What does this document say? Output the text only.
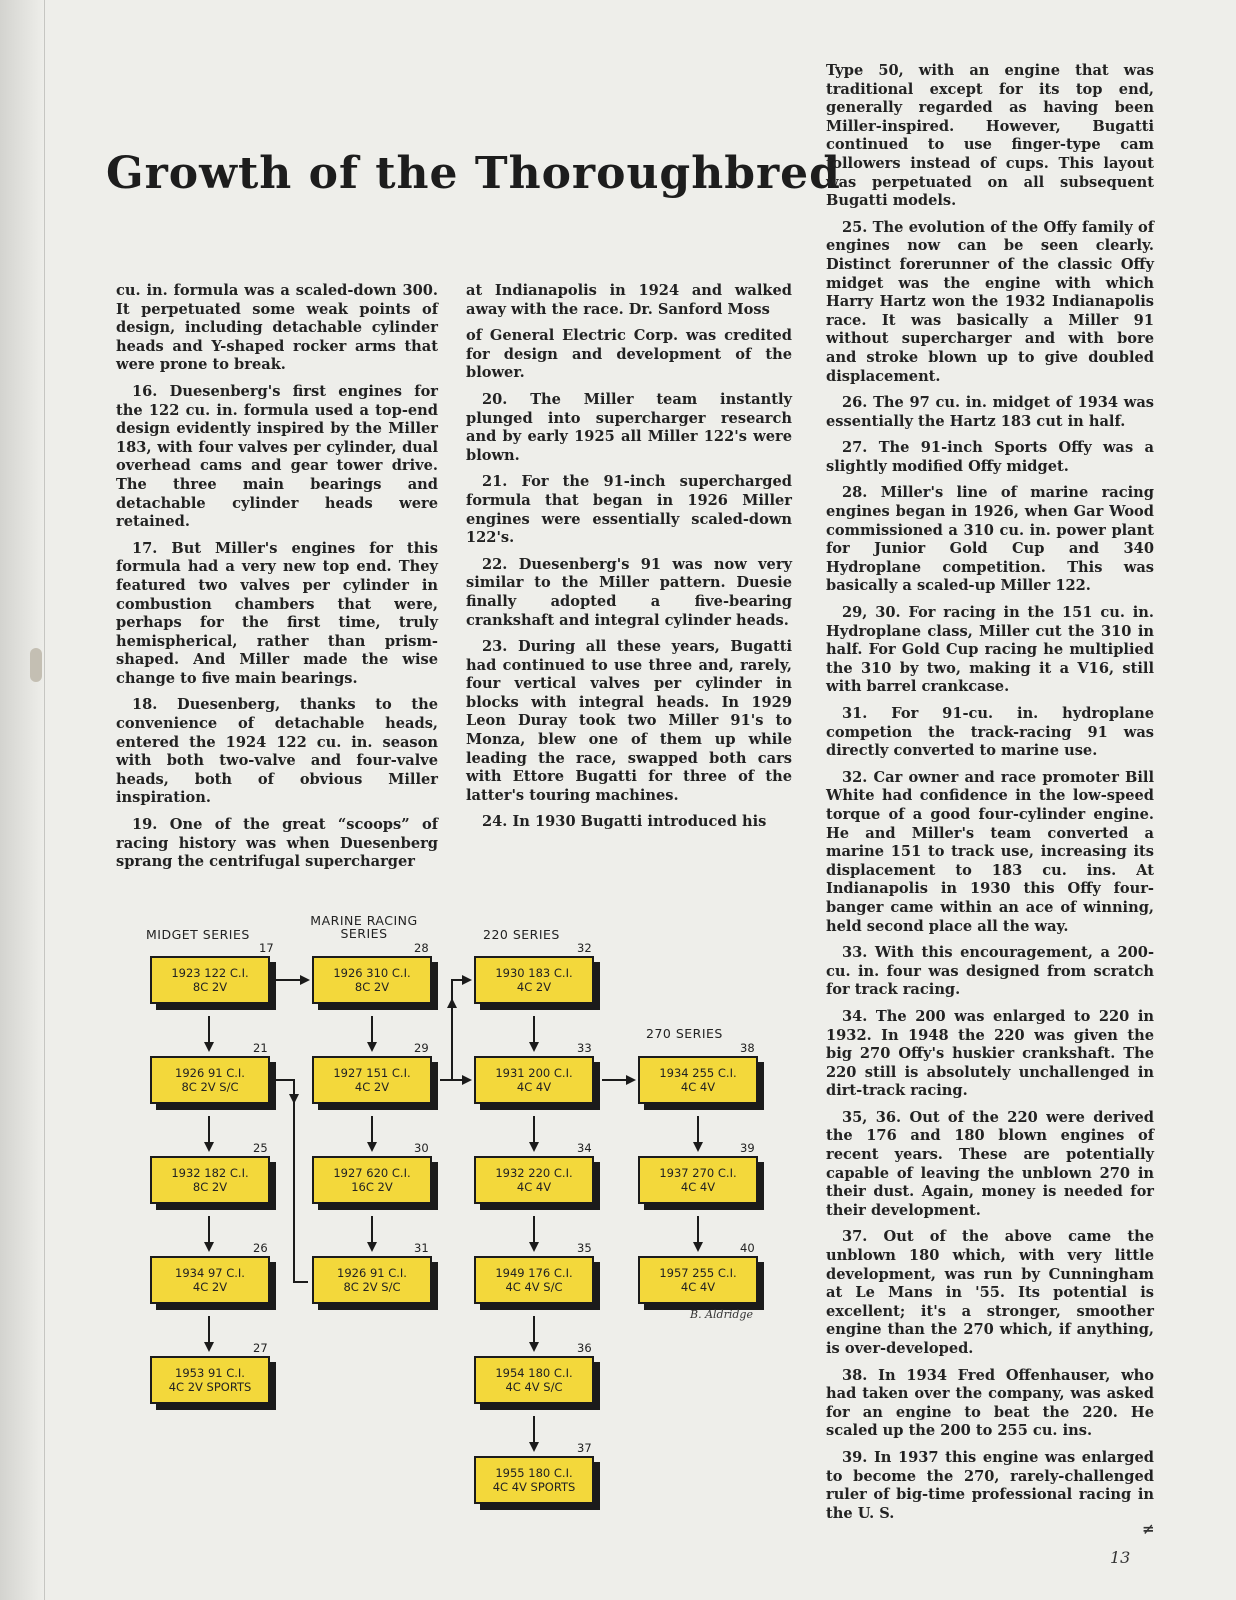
Growth of the Thoroughbred

cu. in. formula was a scaled-down 300. It perpetuated some weak points of design, including detachable cylinder heads and Y-shaped rocker arms that were prone to break.

16. Duesenberg's first engines for the 122 cu. in. formula used a top-end design evidently inspired by the Miller 183, with four valves per cylinder, dual overhead cams and gear tower drive. The three main bearings and detachable cylinder heads were retained.

17. But Miller's engines for this formula had a very new top end. They featured two valves per cylinder in combustion chambers that were, perhaps for the first time, truly hemispherical, rather than prism-shaped. And Miller made the wise change to five main bearings.

18. Duesenberg, thanks to the convenience of detachable heads, entered the 1924 122 cu. in. season with both two-valve and four-valve heads, both of obvious Miller inspiration.

19. One of the great “scoops” of racing history was when Duesenberg sprang the centrifugal supercharger

at Indianapolis in 1924 and walked away with the race. Dr. Sanford Moss

of General Electric Corp. was credited for design and development of the blower.

20. The Miller team instantly plunged into supercharger research and by early 1925 all Miller 122's were blown.

21. For the 91-inch supercharged formula that began in 1926 Miller engines were essentially scaled-down 122's.

22. Duesenberg's 91 was now very similar to the Miller pattern. Duesie finally adopted a five-bearing crankshaft and integral cylinder heads.

23. During all these years, Bugatti had continued to use three and, rarely, four vertical valves per cylinder in blocks with integral heads. In 1929 Leon Duray took two Miller 91's to Monza, blew one of them up while leading the race, swapped both cars with Ettore Bugatti for three of the latter's touring machines.

24. In 1930 Bugatti introduced his

Type 50, with an engine that was traditional except for its top end, generally regarded as having been Miller-inspired. However, Bugatti continued to use finger-type cam followers instead of cups. This layout was perpetuated on all subsequent Bugatti models.

25. The evolution of the Offy family of engines now can be seen clearly. Distinct forerunner of the classic Offy midget was the engine with which Harry Hartz won the 1932 Indianapolis race. It was basically a Miller 91 without supercharger and with bore and stroke blown up to give doubled displacement.

26. The 97 cu. in. midget of 1934 was essentially the Hartz 183 cut in half.

27. The 91-inch Sports Offy was a slightly modified Offy midget.

28. Miller's line of marine racing engines began in 1926, when Gar Wood commissioned a 310 cu. in. power plant for Junior Gold Cup and 340 Hydroplane competition. This was basically a scaled-up Miller 122.

29, 30. For racing in the 151 cu. in. Hydroplane class, Miller cut the 310 in half. For Gold Cup racing he multiplied the 310 by two, making it a V16, still with barrel crankcase.

31. For 91-cu. in. hydroplane competion the track-racing 91 was directly converted to marine use.

32. Car owner and race promoter Bill White had confidence in the low-speed torque of a good four-cylinder engine. He and Miller's team converted a marine 151 to track use, increasing its displacement to 183 cu. ins. At Indianapolis in 1930 this Offy four-banger came within an ace of winning, held second place all the way.

33. With this encouragement, a 200-cu. in. four was designed from scratch for track racing.

34. The 200 was enlarged to 220 in 1932. In 1948 the 220 was given the big 270 Offy's huskier crankshaft. The 220 still is absolutely unchallenged in dirt-track racing.

35, 36. Out of the 220 were derived the 176 and 180 blown engines of recent years. These are potentially capable of leaving the unblown 270 in their dust. Again, money is needed for their development.

37. Out of the above came the unblown 180 which, with very little development, was run by Cunningham at Le Mans in '55. Its potential is excellent; it's a stronger, smoother engine than the 270 which, if anything, is over-developed.

38. In 1934 Fred Offenhauser, who had taken over the company, was asked for an engine to beat the 220. He scaled up the 200 to 255 cu. ins.

39. In 1937 this engine was enlarged to become the 270, rarely-challenged ruler of big-time professional racing in the U. S.

MIDGET SERIES
MARINE RACING
SERIES	220 SERIES
270 SERIES
17
1923 122 C.I.
8C 2V
21
1926 91 C.I.
8C 2V S/C
25
1932 182 C.I.
8C 2V
26
1934 97 C.I.
4C 2V
27
1953 91 C.I.
4C 2V SPORTS
28
1926 310 C.I.
8C 2V
29
1927 151 C.I.
4C 2V
30
1927 620 C.I.
16C 2V
31
1926 91 C.I.
8C 2V S/C
32
1930 183 C.I.
4C 2V
33
1931 200 C.I.
4C 4V
34
1932 220 C.I.
4C 4V
35
1949 176 C.I.
4C 4V S/C
36
1954 180 C.I.
4C 4V S/C
37
1955 180 C.I.
4C 4V SPORTS
38
1934 255 C.I.
4C 4V
39
1937 270 C.I.
4C 4V
40
1957 255 C.I.
4C 4V
B. Aldridge
≠
13
